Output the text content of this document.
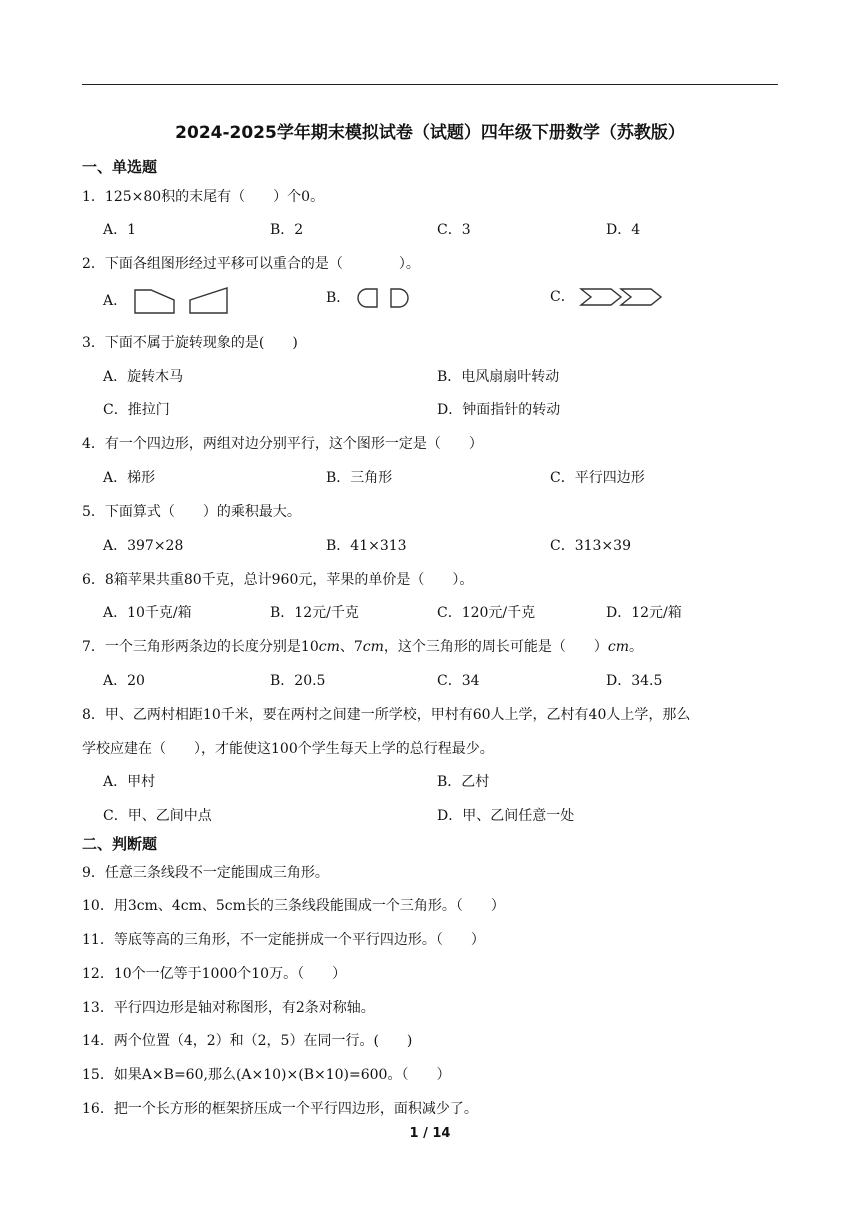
2024-2025学年期末模拟试卷（试题）四年级下册数学（苏教版）
一、单选题
1．125×80积的末尾有（　　）个0。
A．1	B．2	C．3	D．4
2．下面各组图形经过平移可以重合的是（　　　　）。
A．	B．	C．
3．下面不属于旋转现象的是(　　)
A．旋转木马	B．电风扇扇叶转动
C．推拉门	D．钟面指针的转动
4．有一个四边形，两组对边分别平行，这个图形一定是（　　）
A．梯形	B．三角形	C．平行四边形
5．下面算式（　　）的乘积最大。
A．397×28	B．41×313	C．313×39
6．8箱苹果共重80千克，总计960元，苹果的单价是（　　）。
A．10千克/箱	B．12元/千克	C．120元/千克	D．12元/箱
7．一个三角形两条边的长度分别是10cm、7cm，这个三角形的周长可能是（　　）cm。
A．20	B．20.5	C．34	D．34.5
8．甲、乙两村相距10千米，要在两村之间建一所学校，甲村有60人上学，乙村有40人上学，那么
学校应建在（　　），才能使这100个学生每天上学的总行程最少。
A．甲村	B．乙村
C．甲、乙间中点	D．甲、乙间任意一处
二、判断题
9．任意三条线段不一定能围成三角形。
10．用3cm、4cm、5cm长的三条线段能围成一个三角形。（　　）
11．等底等高的三角形，不一定能拼成一个平行四边形。（　　）
12．10个一亿等于1000个10万。（　　）
13．平行四边形是轴对称图形，有2条对称轴。
14．两个位置（4，2）和（2，5）在同一行。(　　)
15．如果A×B=60,那么(A×10)×(B×10)=600。（　　）
16．把一个长方形的框架挤压成一个平行四边形，面积减少了。
1 / 14
